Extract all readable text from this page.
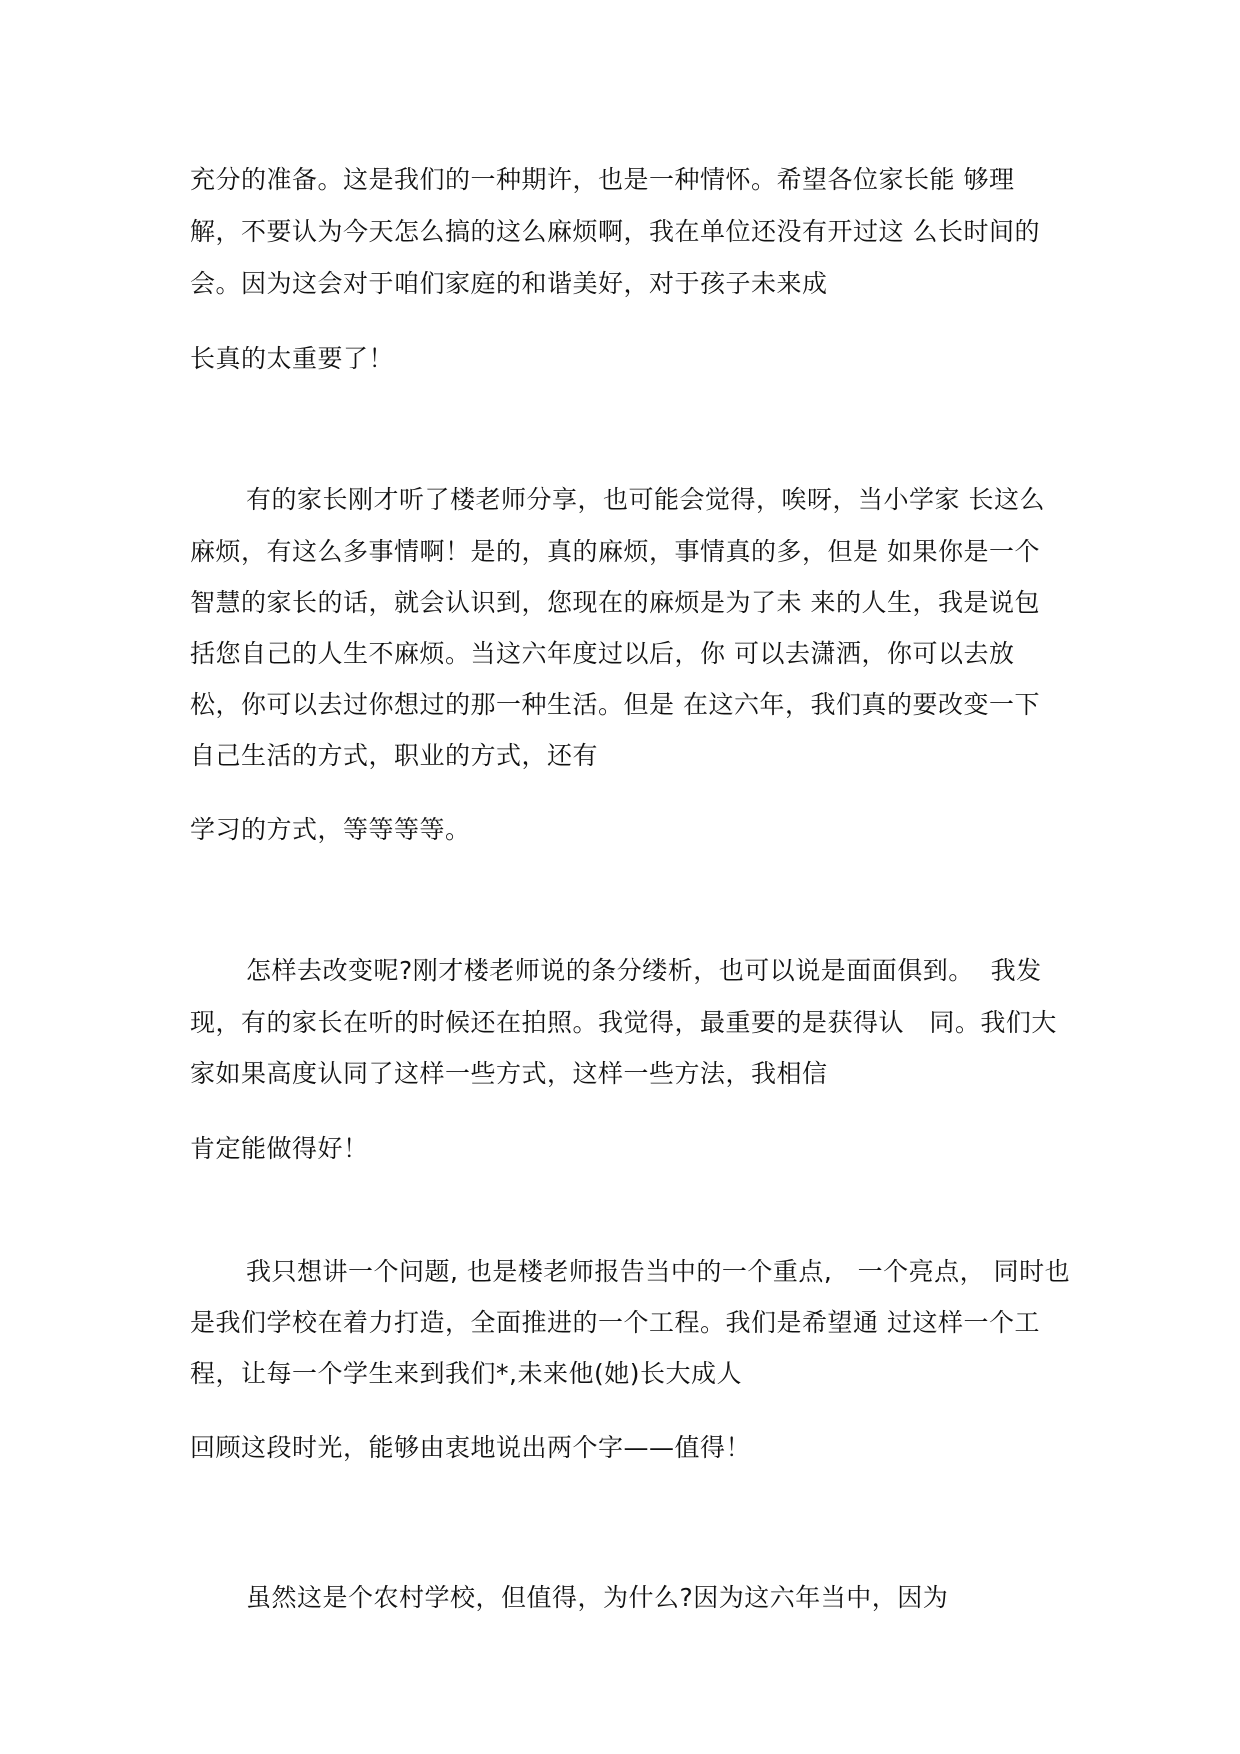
充分的准备。这是我们的一种期许，也是一种情怀。希望各位家长能 够理
解，不要认为今天怎么搞的这么麻烦啊，我在单位还没有开过这 么长时间的
会。因为这会对于咱们家庭的和谐美好，对于孩子未来成
长真的太重要了！
有的家长刚才听了楼老师分享，也可能会觉得，唉呀，当小学家 长这么
麻烦，有这么多事情啊！是的，真的麻烦，事情真的多，但是 如果你是一个
智慧的家长的话，就会认识到，您现在的麻烦是为了未 来的人生，我是说包
括您自己的人生不麻烦。当这六年度过以后，你 可以去潇洒，你可以去放
松，你可以去过你想过的那一种生活。但是 在这六年，我们真的要改变一下
自己生活的方式，职业的方式，还有
学习的方式，等等等等。
怎样去改变呢?刚才楼老师说的条分缕析，也可以说是面面俱到。  我发
现，有的家长在听的时候还在拍照。我觉得，最重要的是获得认   同。我们大
家如果高度认同了这样一些方式，这样一些方法，我相信
肯定能做得好！
我只想讲一个问题, 也是楼老师报告当中的一个重点,   一个亮点， 同时也
是我们学校在着力打造，全面推进的一个工程。我们是希望通 过这样一个工
程，让每一个学生来到我们*,未来他(她)长大成人
回顾这段时光，能够由衷地说出两个字——值得！
虽然这是个农村学校，但值得，为什么?因为这六年当中，因为
